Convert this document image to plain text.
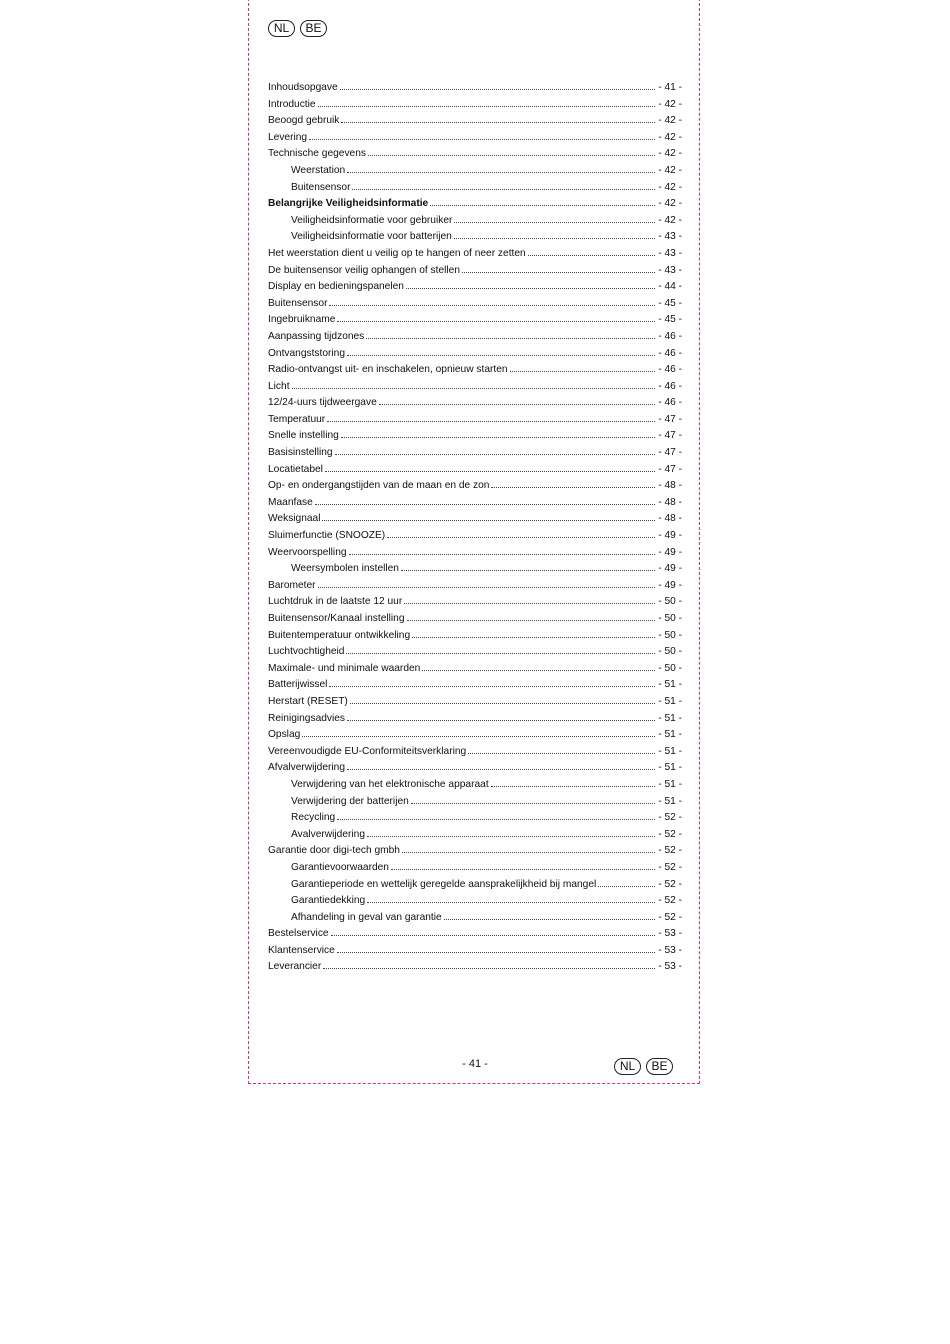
NL	BE
Inhoudsopgave	- 41 -
Introductie	- 42 -
Beoogd gebruik	- 42 -
Levering	- 42 -
Technische gegevens	- 42 -
Weerstation	- 42 -
Buitensensor	- 42 -
Belangrijke Veiligheidsinformatie	- 42 -
Veiligheidsinformatie voor gebruiker	- 42 -
Veiligheidsinformatie voor batterijen	- 43 -
Het weerstation dient u veilig op te hangen of neer zetten	- 43 -
De buitensensor veilig ophangen of stellen	- 43 -
Display en bedieningspanelen	- 44 -
Buitensensor	- 45 -
Ingebruikname	- 45 -
Aanpassing tijdzones	- 46 -
Ontvangststoring	- 46 -
Radio-ontvangst uit- en inschakelen, opnieuw starten	- 46 -
Licht	- 46 -
12/24-uurs tijdweergave	- 46 -
Temperatuur	- 47 -
Snelle instelling	- 47 -
Basisinstelling	- 47 -
Locatietabel	- 47 -
Op- en ondergangstijden van de maan en de zon	- 48 -
Maanfase	- 48 -
Weksignaal	- 48 -
Sluimerfunctie (SNOOZE)	- 49 -
Weervoorspelling	- 49 -
Weersymbolen instellen	- 49 -
Barometer	- 49 -
Luchtdruk in de laatste 12 uur	- 50 -
Buitensensor/Kanaal instelling	- 50 -
Buitentemperatuur ontwikkeling	- 50 -
Luchtvochtigheid	- 50 -
Maximale- und minimale waarden	- 50 -
Batterijwissel	- 51 -
Herstart (RESET)	- 51 -
Reinigingsadvies	- 51 -
Opslag	- 51 -
Vereenvoudigde EU-Conformiteitsverklaring	- 51 -
Afvalverwijdering	- 51 -
Verwijdering van het elektronische apparaat	- 51 -
Verwijdering der batterijen	- 51 -
Recycling	- 52 -
Avalverwijdering	- 52 -
Garantie door digi-tech gmbh	- 52 -
Garantievoorwaarden	- 52 -
Garantieperiode en wettelijk geregelde aansprakelijkheid bij mangel	- 52 -
Garantiedekking	- 52 -
Afhandeling in geval van garantie	- 52 -
Bestelservice	- 53 -
Klantenservice	- 53 -
Leverancier	- 53 -
- 41 -	NL	BE
